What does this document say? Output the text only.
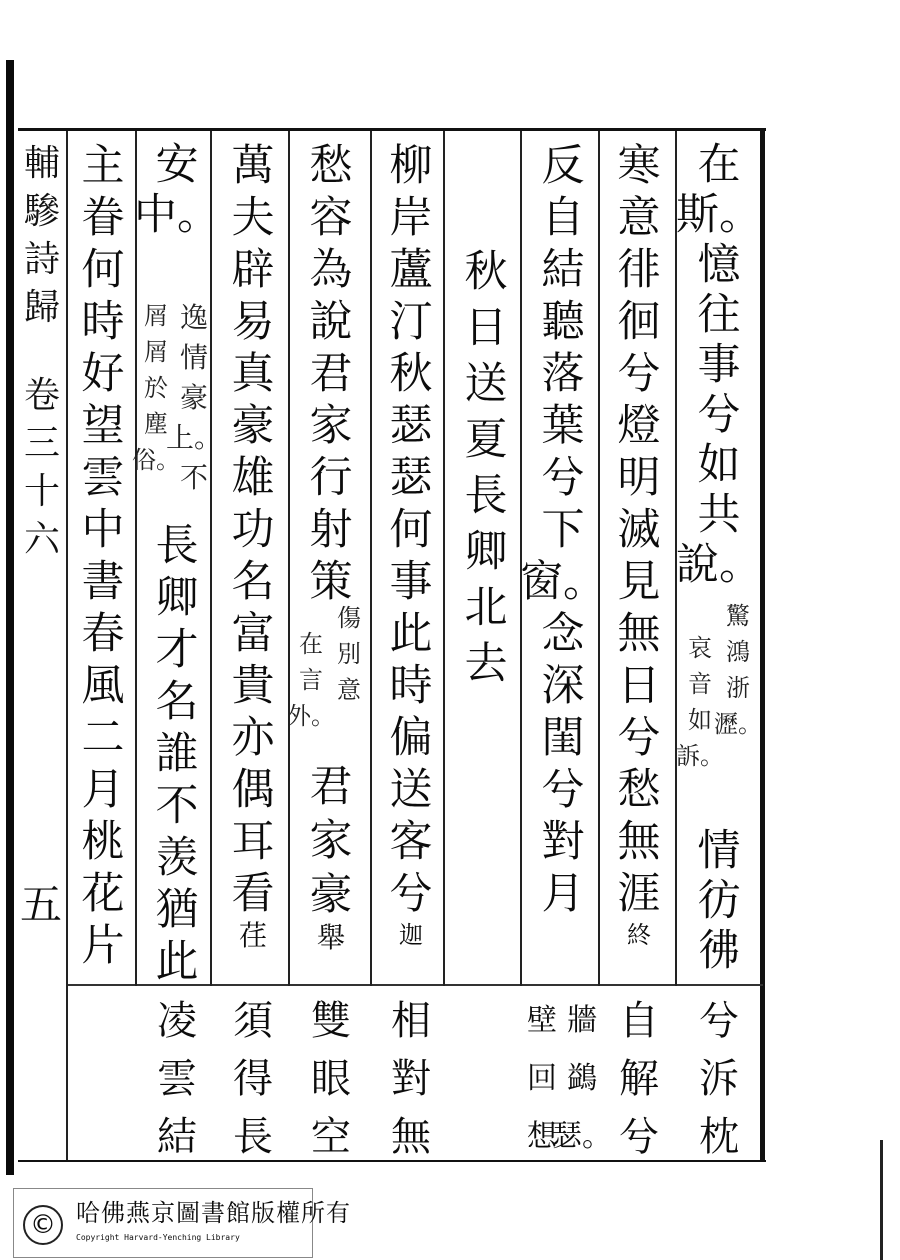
輔
驂
詩
歸
卷
三
十
六
五
在
斯。
憶
往
事
兮
如
共
說。
驚
鴻
浙
瀝。
哀
音
如
訴。
情
彷
彿
寒
意
徘
徊
兮
燈
明
滅
見
無
日
兮
愁
無
涯
終
反
自
結
聽
落
葉
兮
下
窗。
念
深
閨
兮
對
月
秋
日
送
夏
長
卿
北
去
柳
岸
蘆
汀
秋
瑟
瑟
何
事
此
時
偏
送
客
兮
迦
愁
容
為
說
君
家
行
射
策
傷
別
意
在
言
外。
君
家
豪
舉
萬
夫
辟
易
真
豪
雄
功
名
富
貴
亦
偶
耳
看
荏
安
中。
逸
情
豪
上。
不
屑
屑
於
塵
俗。
長
卿
才
名
誰
不
羡
猶
此
主
眷
何
時
好
望
雲
中
書
春
風
二
月
桃
花
片
兮
泝
枕
自
解
兮
牆
鷁
瑟。
壁
回
想
相
對
無
雙
眼
空
須
得
長
凌
雲
結
© 哈佛燕京圖書館版權所有
Copyright Harvard-Yenching Library
